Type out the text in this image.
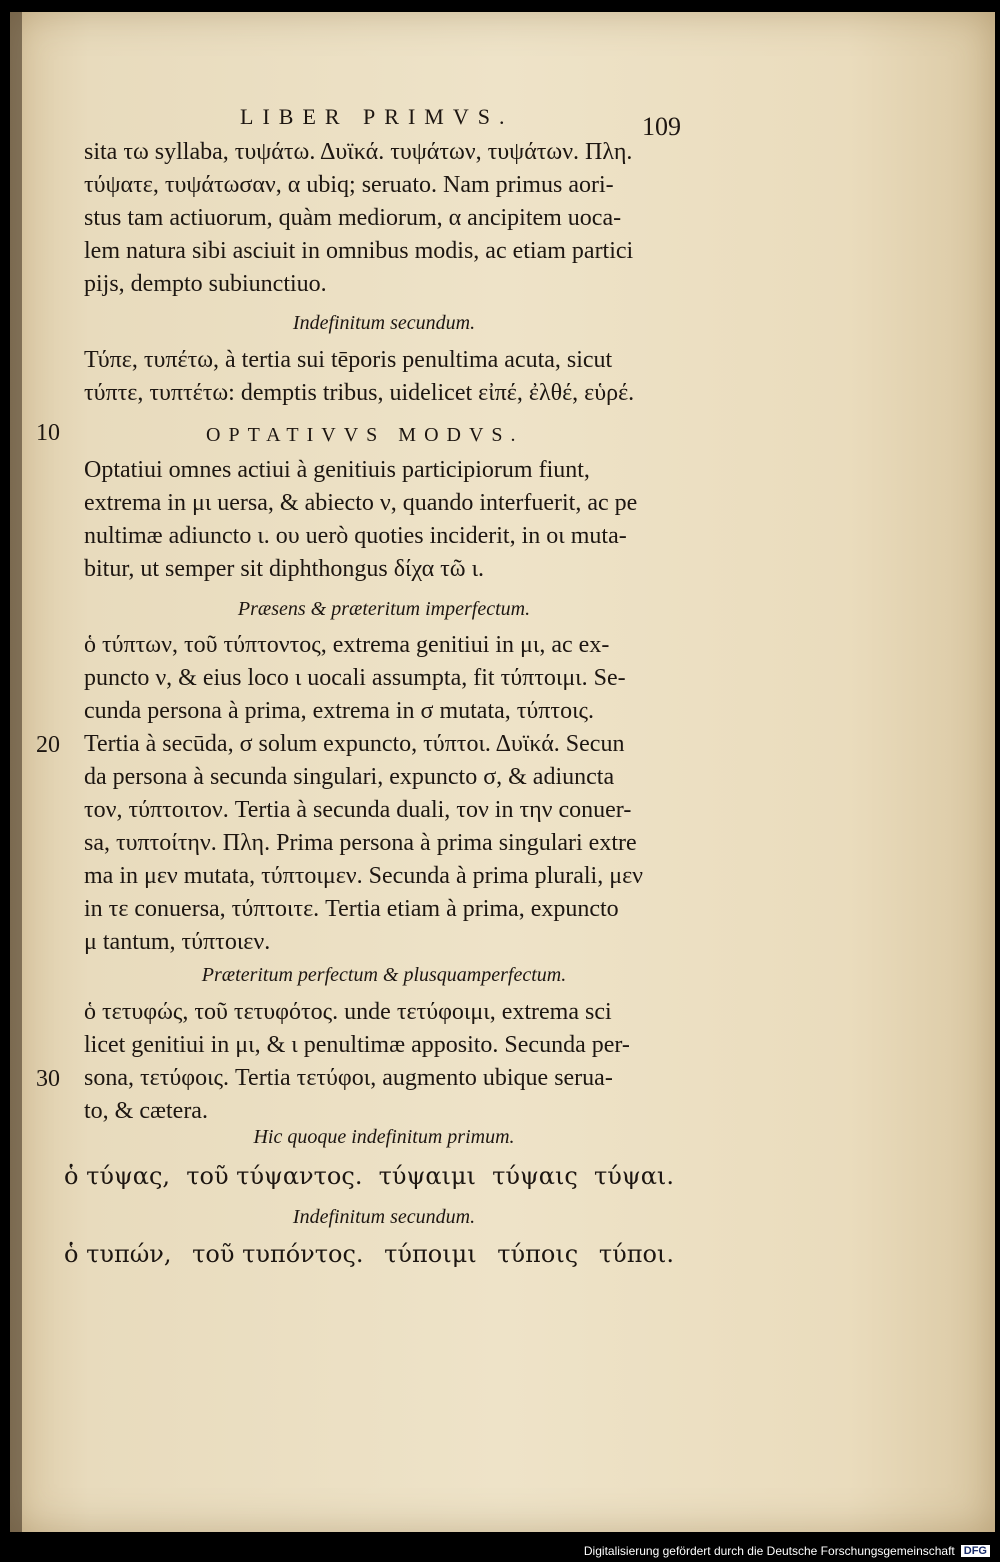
LIBER PRIMVS.	109
sita τω syllaba, τυψάτω. Δυϊκά. τυψάτων, τυψάτων. Πλη.
τύψατε, τυψάτωσαν, α ubiq; seruato. Nam primus aori-
stus tam actiuorum, quàm mediorum, α ancipitem uoca-
lem natura sibi asciuit in omnibus modis, ac etiam partici
pijs, dempto subiunctiuo.
Indefinitum secundum.
Τύπε, τυπέτω, à tertia sui tēporis penultima acuta, sicut
τύπτε, τυπτέτω: demptis tribus, uidelicet εἰπέ, ἐλθέ, εὑρέ.
10	OPTATIVVS MODVS.
Optatiui omnes actiui à genitiuis participiorum fiunt,
extrema in μι uersa, & abiecto ν, quando interfuerit, ac pe
nultimæ adiuncto ι. ου uerò quoties inciderit, in οι muta-
bitur, ut semper sit diphthongus δίχα τῶ ι.
Præsens & præteritum imperfectum.
ὁ τύπτων, τοῦ τύπτοντος, extrema genitiui in μι, ac ex-
puncto ν, & eius loco ι uocali assumpta, fit τύπτοιμι. Se-
cunda persona à prima, extrema in σ mutata, τύπτοις.
20 Tertia à secūda, σ solum expuncto, τύπτοι. Δυϊκά. Secun
da persona à secunda singulari, expuncto σ, & adiuncta
τον, τύπτοιτον. Tertia à secunda duali, τον in την conuer-
sa, τυπτοίτην. Πλη. Prima persona à prima singulari extre
ma in μεν mutata, τύπτοιμεν. Secunda à prima plurali, μεν
in τε conuersa, τύπτοιτε. Tertia etiam à prima, expuncto
μ tantum, τύπτοιεν.
Præteritum perfectum & plusquamperfectum.
ὁ τετυφώς, τοῦ τετυφότος. unde τετύφοιμι, extrema sci
licet genitiui in μι, & ι penultimæ apposito. Secunda per-
30 sona, τετύφοις. Tertia τετύφοι, augmento ubique serua-
to, & cætera.
Hic quoque indefinitum primum.
ὁ τύψας, τοῦ τύψαντος. τύψαιμι τύψαις τύψαι.
Indefinitum secundum.
ὁ τυπών, τοῦ τυπόντος. τύποιμι τύποις τύποι.
Digitalisierung gefördert durch die Deutsche Forschungsgemeinschaft DFG
